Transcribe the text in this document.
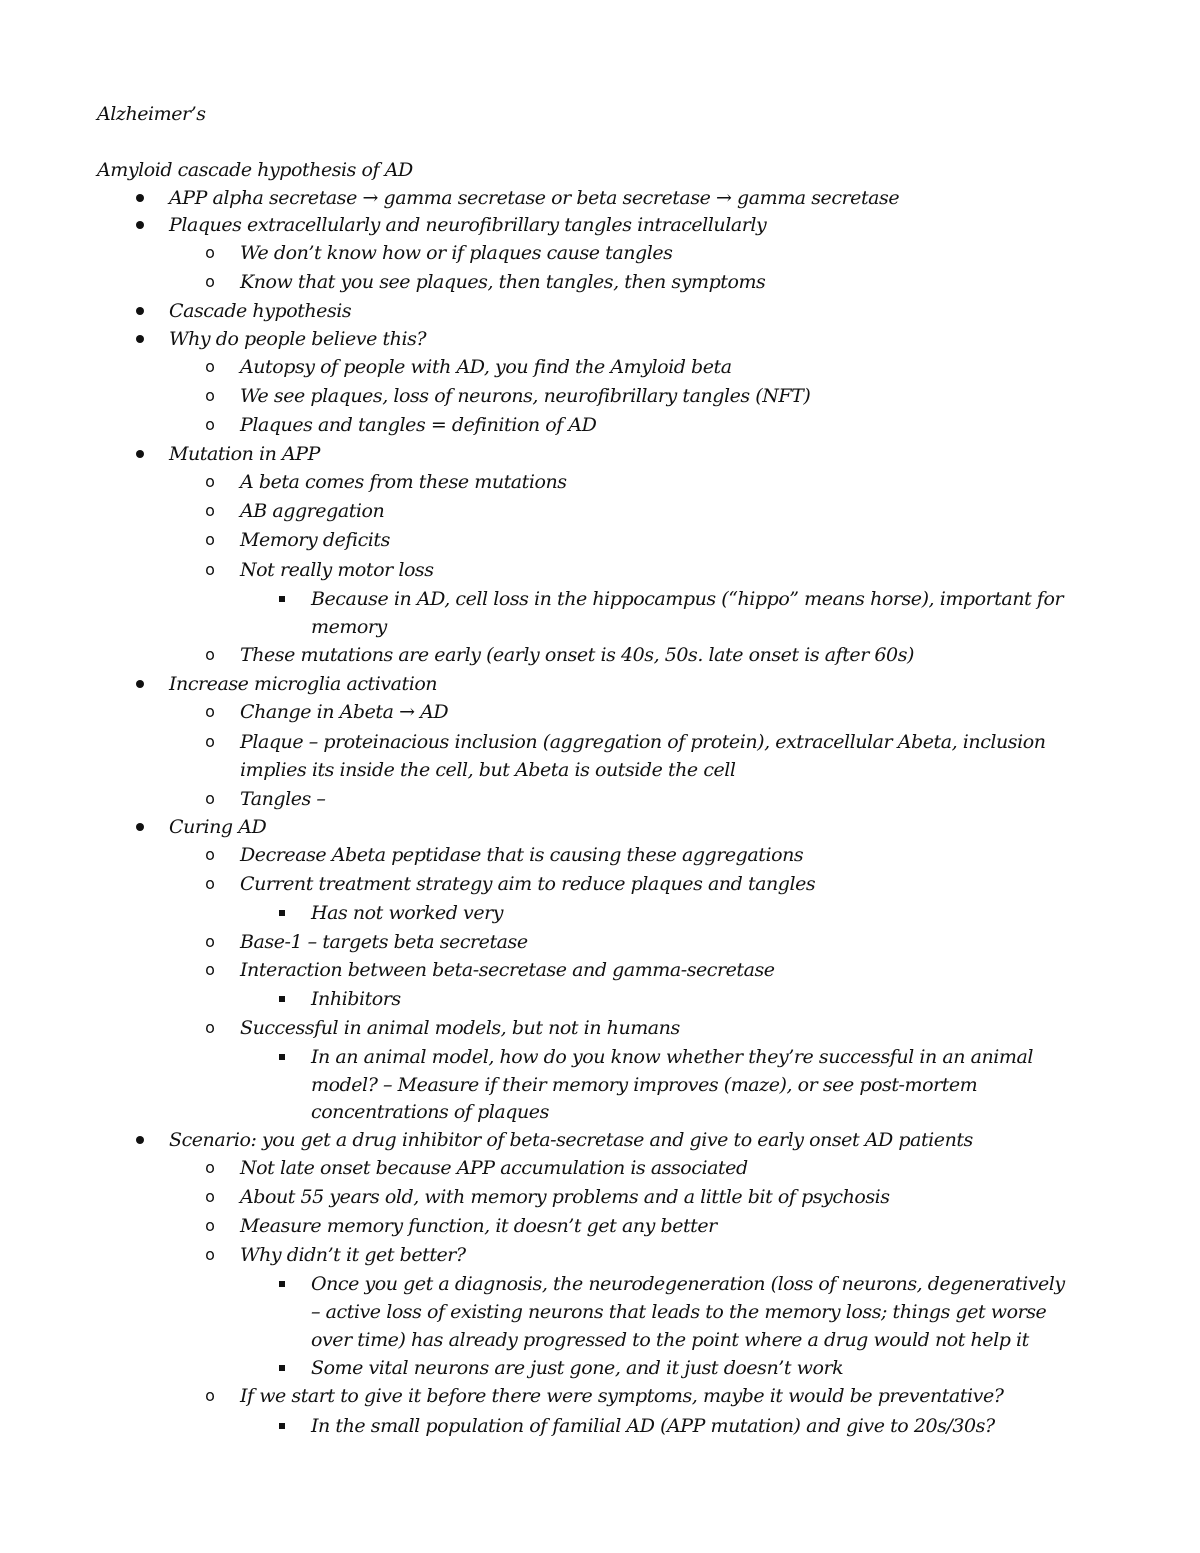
Alzheimer’s
Amyloid cascade hypothesis of AD
APP alpha secretase → gamma secretase or beta secretase → gamma secretase
Plaques extracellularly and neurofibrillary tangles intracellularly
o We don’t know how or if plaques cause tangles
o Know that you see plaques, then tangles, then symptoms
Cascade hypothesis
Why do people believe this?
o Autopsy of people with AD, you find the Amyloid beta
o We see plaques, loss of neurons, neurofibrillary tangles (NFT)
o Plaques and tangles = definition of AD
Mutation in APP
o A beta comes from these mutations
o AB aggregation
o Memory deficits
o Not really motor loss
Because in AD, cell loss in the hippocampus (“hippo” means horse), important for
memory
o These mutations are early (early onset is 40s, 50s. late onset is after 60s)
Increase microglia activation
o Change in Abeta → AD
o Plaque – proteinacious inclusion (aggregation of protein), extracellular Abeta, inclusion
implies its inside the cell, but Abeta is outside the cell
o Tangles –
Curing AD
o Decrease Abeta peptidase that is causing these aggregations
o Current treatment strategy aim to reduce plaques and tangles
Has not worked very
o Base-1 – targets beta secretase
o Interaction between beta-secretase and gamma-secretase
Inhibitors
o Successful in animal models, but not in humans
In an animal model, how do you know whether they’re successful in an animal
model? – Measure if their memory improves (maze), or see post-mortem
concentrations of plaques
Scenario: you get a drug inhibitor of beta-secretase and give to early onset AD patients
o Not late onset because APP accumulation is associated
o About 55 years old, with memory problems and a little bit of psychosis
o Measure memory function, it doesn’t get any better
o Why didn’t it get better?
Once you get a diagnosis, the neurodegeneration (loss of neurons, degeneratively
– active loss of existing neurons that leads to the memory loss; things get worse
over time) has already progressed to the point where a drug would not help it
Some vital neurons are just gone, and it just doesn’t work
o If we start to give it before there were symptoms, maybe it would be preventative?
In the small population of familial AD (APP mutation) and give to 20s/30s?
